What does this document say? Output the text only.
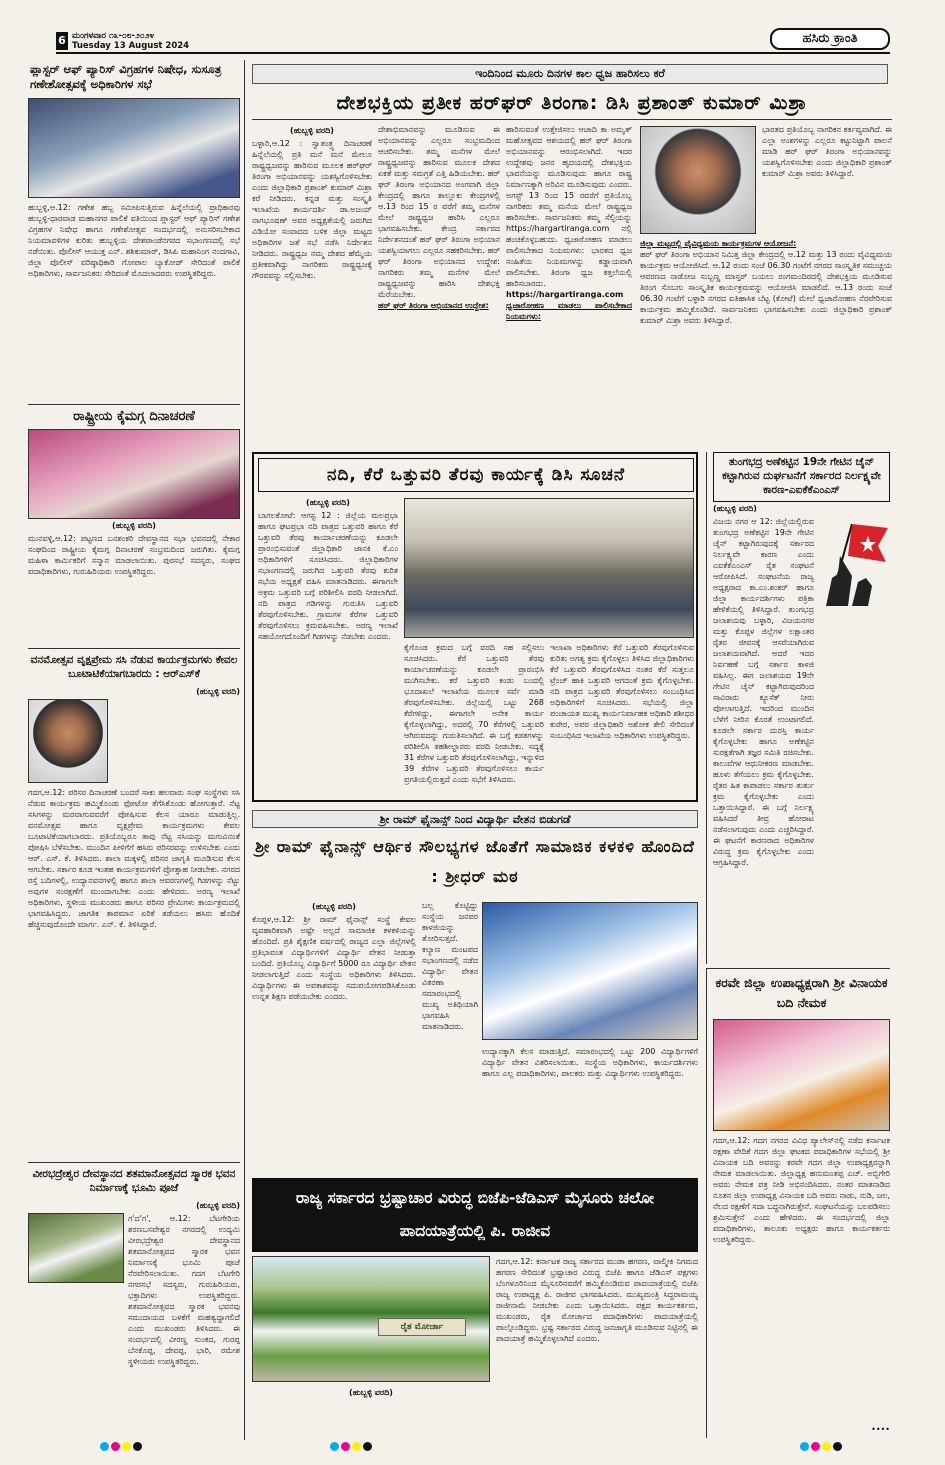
6 ಮಂಗಳವಾರ ೧೩-೦೮-೨೦೨೪
Tuesday 13 August 2024	ಹಸಿರು ಕ್ರಾಂತಿ
ಪ್ಲಾಸ್ಟರ್ ಆಫ್ ಪ್ಯಾರಿಸ್ ವಿಗ್ರಹಗಳ ನಿಷೇಧ, ಸುಸೂತ್ರ ಗಣೇಶೋತ್ಸವಕ್ಕೆ ಅಧಿಕಾರಿಗಳ ಸಭೆ
ಹುಬ್ಬಳ್ಳಿ,ಆ.12: ಗಣೇಶ ಹಬ್ಬ ಸಮೀಪಿಸುತ್ತಿರುವ ಹಿನ್ನೆಲೆಯಲ್ಲಿ ಪ್ರಾಧಿಕಾರವು ಹುಬ್ಬಳ್ಳಿ-ಧಾರವಾಡ ಮಹಾನಗರ ಪಾಲಿಕೆ ವತಿಯಿಂದ ಪ್ಲಾಸ್ಟರ್ ಆಫ್ ಪ್ಯಾರಿಸ್ ಗಣೇಶ ವಿಗ್ರಹಗಳ ನಿಷೇಧ ಹಾಗೂ ಗಣೇಶೋತ್ಸವ ಸಂದರ್ಭದಲ್ಲಿ ಅನುಸರಿಸಬೇಕಾದ ನಿಯಮಾವಳಿಗಳ ಕುರಿತು ಹುಬ್ಬಳ್ಳಿಯ ದೇಶಪಾಂಡೆನಗರದ ಸಭಾಂಗಣದಲ್ಲಿ ಸಭೆ ನಡೆಯಿತು. ಪೊಲೀಸ್ ಆಯುಕ್ತ ಎನ್. ಶಶಿಕುಮಾರ್, ಡಿಸಿಪಿ ಮಹಾನಿಂಗ ನಂದಗಾವಿ, ಜಿಲ್ಲಾ ಪೊಲೀಸ್ ವರಿಷ್ಠಾಧಿಕಾರಿ ಗೋಪಾಲ ಬ್ಯಾಕೋಡ್ ಸೇರಿದಂತೆ ಪಾಲಿಕೆ ಅಧಿಕಾರಿಗಳು, ಸಾರ್ವಜನಿಕರು ಸೇರಿದಂತೆ ಮೊದಲಾದವರು ಉಪಸ್ಥಿತರಿದ್ದರು.
ರಾಷ್ಟ್ರೀಯ ಕೈಮಗ್ಗ ದಿನಾಚರಣೆ
(ಹುಬ್ಬಳ್ಳಿ ವರದಿ)
ಮುನವಳ್ಳಿ,ಆ.12: ಪಟ್ಟಣದ ಬನಶಂಕರಿ ದೇವಸ್ಥಾನದ ಸಭಾ ಭವನದಲ್ಲಿ ನೇಕಾರ ಸಂಘದಿಂದ ರಾಷ್ಟ್ರೀಯ ಕೈಮಗ್ಗ ದಿನಾಚರಣೆ ಸಂಭ್ರಮದಿಂದ ಜರುಗಿತು. ಕೈಮಗ್ಗ ಮಹಿಳಾ ಕಾರ್ಮಿಕರಿಗೆ ಸನ್ಮಾನ ಮಾಡಲಾಯಿತು. ಪುರಸಭೆ ಸದಸ್ಯರು, ಸಂಘದ ಪದಾಧಿಕಾರಿಗಳು, ಗುರುಹಿರಿಯರು ಉಪಸ್ಥಿತರಿದ್ದರು.
ವನಮೋತ್ಸವ ವೃಕ್ಷಪ್ರೇಮ ಸಸಿ ನೆಡುವ ಕಾರ್ಯಕ್ರಮಗಳು ಕೇವಲ ಬೂಟಾಟಿಕೆಯಾಗಬಾರದು : ಆರ್‌ಎಸ್‌ಕೆ
(ಹುಬ್ಬಳ್ಳಿ ವರದಿ)
ಗದಗ,ಆ.12: ಪರಿಸರ ದಿನಾಚರಣೆ ಬಂದರೆ ಸಾಕು ಹಲವಾರು ಸಂಘ ಸಂಸ್ಥೆಗಳು ಸಸಿ ನೆಡುವ ಕಾರ್ಯಕ್ರಮ ಹಮ್ಮಿಕೊಂಡು ಫೋಟೋ ತೆಗೆಸಿಕೊಂಡು ಹೋಗುತ್ತಾರೆ. ನೆಟ್ಟ ಸಸಿಗಳನ್ನು ಮರವಾಗುವವರೆಗೆ ಪೋಷಿಸುವ ಕೆಲಸ ಯಾರೂ ಮಾಡುತ್ತಿಲ್ಲ. ವನಮೋತ್ಸವ ಹಾಗೂ ವೃಕ್ಷಪ್ರೇಮ ಕಾರ್ಯಕ್ರಮಗಳು ಕೇವಲ ಬೂಟಾಟಿಕೆಯಾಗಬಾರದು. ಪ್ರತಿಯೊಬ್ಬರೂ ತಾವು ನೆಟ್ಟ ಸಸಿಯನ್ನು ಮಗುವಿನಂತೆ ಪೋಷಿಸಿ ಬೆಳೆಸಬೇಕು. ಮುಂದಿನ ಪೀಳಿಗೆಗೆ ಹಸಿರು ಪರಿಸರವನ್ನು ಉಳಿಸಬೇಕು ಎಂದು ಆರ್. ಎಸ್. ಕೆ. ತಿಳಿಸಿದರು. ಶಾಲಾ ಮಕ್ಕಳಲ್ಲಿ ಪರಿಸರ ಜಾಗೃತಿ ಮೂಡಿಸುವ ಕೆಲಸ ಆಗಬೇಕು. ಸರ್ಕಾರ ಕೂಡ ಇಂತಹ ಕಾರ್ಯಕ್ರಮಗಳಿಗೆ ಪ್ರೋತ್ಸಾಹ ನೀಡಬೇಕು. ನಗರದ ರಸ್ತೆ ಬದಿಗಳಲ್ಲಿ, ಉದ್ಯಾನವನಗಳಲ್ಲಿ ಹಾಗೂ ಶಾಲಾ ಆವರಣಗಳಲ್ಲಿ ಗಿಡಗಳನ್ನು ನೆಟ್ಟು ಅವುಗಳ ಸಂರಕ್ಷಣೆಗೆ ಮುಂದಾಗಬೇಕು ಎಂದು ಹೇಳಿದರು. ಅರಣ್ಯ ಇಲಾಖೆ ಅಧಿಕಾರಿಗಳು, ಸ್ಥಳೀಯ ಮುಖಂಡರು ಹಾಗೂ ಪರಿಸರ ಪ್ರೇಮಿಗಳು ಕಾರ್ಯಕ್ರಮದಲ್ಲಿ ಭಾಗವಹಿಸಿದ್ದರು. ಜಾಗತಿಕ ತಾಪಮಾನ ಏರಿಕೆ ತಡೆಯಲು ಹಸಿರು ಹೊದಿಕೆ ಹೆಚ್ಚಿಸುವುದೊಂದೇ ಮಾರ್ಗ. ಎನ್. ಕೆ. ತಿಳಿಸಿದ್ದಾರೆ.
ವೀರಭದ್ರೇಶ್ವರ ದೇವಸ್ಥಾನದ ಶತಮಾನೋತ್ಸವದ ಸ್ಮಾರಕ ಭವನ ನಿರ್ಮಾಣಕ್ಕೆ ಭೂಮಿ ಪೂಜೆ
(ಹುಬ್ಬಳ್ಳಿ ವರದಿ)
ಗ'ದ'ಗ', ಆ.12: ಬೆಟಗೇರಿಯ ಶರಣಬಸವೇಶ್ವರ ನಗರದಲ್ಲಿ ಉದ್ಯಮಿ ವೀರಭದ್ರೇಶ್ವರ ದೇವಸ್ಥಾನದ ಶತಮಾನೋತ್ಸವದ ಸ್ಮಾರಕ ಭವನ ನಿರ್ಮಾಣಕ್ಕೆ ಭೂಮಿ ಪೂಜೆ ನೆರವೇರಿಸಲಾಯಿತು. ಗದಗ ಬೆಟಗೇರಿ ನಗರಸಭೆ ಸದಸ್ಯರು, ಗುರುಹಿರಿಯರು, ಭಕ್ತಾದಿಗಳು ಉಪಸ್ಥಿತರಿದ್ದರು. ಶತಮಾನೋತ್ಸವದ ಸ್ಮಾರಕ ಭವನವು ಸಮುದಾಯದ ಬಳಕೆಗೆ ಮಹತ್ವದ್ದಾಗಲಿದೆ ಎಂದು ಮುಖಂಡರು ತಿಳಿಸಿದರು. ಈ ಸಂದರ್ಭದಲ್ಲಿ ವೀರಣ್ಣ ಸುಂಕದ, ಗುರಪ್ಪ ಬೆನಕೊಪ್ಪ, ದೇವಪ್ಪ, ಭಾರಿ, ರಮೇಶ ಸ್ಥಳೀಯರು ಉಪಸ್ಥಿತರಿದ್ದರು.
ಇಂದಿನಿಂದ ಮೂರು ದಿನಗಳ ಕಾಲ ಧ್ವಜ ಹಾರಿಸಲು ಕರೆ
ದೇಶಭಕ್ತಿಯ ಪ್ರತೀಕ ಹರ್‌ಘರ್ ತಿರಂಗಾ: ಡಿಸಿ ಪ್ರಶಾಂತ್ ಕುಮಾರ್ ಮಿಶ್ರಾ
(ಹುಬ್ಬಳ್ಳಿ ವರದಿ)
ಬಳ್ಳಾರಿ,ಆ.12 : ಸ್ವಾತಂತ್ರ್ಯ ದಿನಾಚರಣೆ ಹಿನ್ನೆಲೆಯಲ್ಲಿ ಪ್ರತಿ ಮನೆ ಮನೆ ಮೇಲೂ ರಾಷ್ಟ್ರಧ್ವಜವನ್ನು ಹಾರಿಸುವ ಮೂಲಕ ಹರ್‌ಘರ್ ತಿರಂಗಾ ಅಭಿಯಾನವನ್ನು ಯಶಸ್ವಿಗೊಳಿಸಬೇಕು ಎಂದು ಜಿಲ್ಲಾಧಿಕಾರಿ ಪ್ರಶಾಂತ್ ಕುಮಾರ್ ಮಿಶ್ರಾ ಕರೆ ನೀಡಿದರು. ಕನ್ನಡ ಮತ್ತು ಸಂಸ್ಕೃತಿ ಇಲಾಖೆಯ ಕಾರ್ಯದರ್ಶಿ ಡಾ.ಅಜಯ್ ನಾಗಭೂಷಣ್ ಅವರ ಅಧ್ಯಕ್ಷತೆಯಲ್ಲಿ ಜರುಗಿದ ವಿಡಿಯೋ ಸಂವಾದದ ಬಳಿಕ ಜಿಲ್ಲಾ ಮಟ್ಟದ ಅಧಿಕಾರಿಗಳ ಜತೆ ಸಭೆ ನಡೆಸಿ ನಿರ್ದೇಶನ ನೀಡಿದರು. ರಾಷ್ಟ್ರಧ್ವಜ ನಮ್ಮ ದೇಶದ ಹೆಮ್ಮೆಯ ಪ್ರತೀಕವಾಗಿದ್ದು ನಾಗರಿಕರು ರಾಷ್ಟ್ರಧ್ವಜಕ್ಕೆ ಗೌರವವನ್ನು ಸಲ್ಲಿಸಬೇಕು.
ದೇಶಾಭಿಮಾನವನ್ನು ಮೂಡಿಸುವ ಈ ಅಭಿಯಾನವನ್ನು ಎಲ್ಲರೂ ಸಂಭ್ರಮದಿಂದ ಆಚರಿಸಬೇಕು. ತಮ್ಮ ಮನೆಗಳ ಮೇಲೆ ರಾಷ್ಟ್ರಧ್ವಜವನ್ನು ಹಾರಿಸುವ ಮೂಲಕ ದೇಶದ ಏಕತೆ ಮತ್ತು ಸಮಗ್ರತೆ ಎತ್ತಿ ಹಿಡಿಯಬೇಕು. ಹರ್ ಘರ್ ತಿರಂಗಾ ಅಭಿಯಾನದ ಅಂಗವಾಗಿ ಜಿಲ್ಲಾ ಕೇಂದ್ರದಲ್ಲಿ ಹಾಗೂ ತಾಲ್ಲೂಕು ಕೇಂದ್ರಗಳಲ್ಲಿ ಆ.13 ರಿಂದ 15 ರ ವರೆಗೆ ತಮ್ಮ ಮನೆಗಳ ಮೇಲೆ ರಾಷ್ಟ್ರಧ್ವಜ ಹಾರಿಸಿ ಎಲ್ಲರೂ ಭಾಗವಹಿಸಬೇಕು. ಕೇಂದ್ರ ಸರ್ಕಾರದ ನಿರ್ದೇಶನದಂತೆ ಹರ್ ಘರ್ ತಿರಂಗಾ ಅಭಿಯಾನ ಯಶಸ್ವಿಯಾಗಲು ಎಲ್ಲರೂ ಸಹಕರಿಸಬೇಕು. ಹರ್ ಘರ್ ತಿರಂಗಾ ಅಭಿಯಾನದ ಉದ್ದೇಶ: ನಾಗರಿಕರು ತಮ್ಮ ಮನೆಗಳ ಮೇಲೆ ರಾಷ್ಟ್ರಧ್ವಜವನ್ನು ಹಾರಿಸಿ ದೇಶಭಕ್ತಿ ಮೆರೆಯಬೇಕು.
ಹರ್ ಘರ್ ತಿರಂಗಾ ಅಭಿಯಾನದ ಉದ್ದೇಶ:
ಹಾರಿಸುವಂತೆ ಉತ್ತೇಜಿಸಲು ಆಜಾದಿ ಕಾ ಅಮೃತ್ ಮಹೋತ್ಸವದ ಆಶಯದಲ್ಲಿ ಹರ್ ಘರ್ ತಿರಂಗಾ ಅಭಿಯಾನವನ್ನು ಆರಂಭಿಸಲಾಗಿದೆ. ಇದರ ಉದ್ದೇಶವು ಜನರ ಹೃದಯದಲ್ಲಿ ದೇಶಭಕ್ತಿಯ ಭಾವನೆಯನ್ನು ಮೂಡಿಸುವುದು ಹಾಗೂ ರಾಷ್ಟ್ರ ನಿರ್ಮಾಣಕ್ಕಾಗಿ ಅರಿವಿನ ಮೂಡಿಸುವುದು ಎಂದರು. ಅಗಸ್ಟ್ 13 ರಿಂದ 15 ರವರೆಗೆ ಪ್ರತಿಯೊಬ್ಬ ನಾಗರಿಕರು ತಮ್ಮ ಮನೆಯ ಮೇಲೆ ರಾಷ್ಟ್ರಧ್ವಜ ಹಾರಿಸಬೇಕು. ಸಾರ್ವಜನಿಕರು ತಮ್ಮ ಸೆಲ್ಫಿಯನ್ನು https://hargartiranga.com ನಲ್ಲಿ ಹಂಚಿಕೊಳ್ಳಬಹುದು. ಧ್ವಜಾರೋಹಣ ಮಾಡಲು ಪಾಲಿಸಬೇಕಾದ ನಿಯಮಗಳು: ಭಾರತದ ಧ್ವಜ ಸಂಹಿತೆಯ ನಿಯಮಗಳನ್ನು ಕಡ್ಡಾಯವಾಗಿ ಪಾಲಿಸಬೇಕು. ತಿರಂಗಾ ಧ್ವಜ ಕತ್ತಲೆಯಲ್ಲಿ ಹಾರಿಸಬಾರದು.
https://hargartiranga.com
ಧ್ವಜಾರೋಹಣ ಮಾಡಲು ಪಾಲಿಸಬೇಕಾದ ನಿಯಮಗಳು:
ಭಾರತದ ಪ್ರತಿಯೊಬ್ಬ ನಾಗರಿಕನ ಕರ್ತವ್ಯವಾಗಿದೆ. ಈ ಎಲ್ಲಾ ಅಂಶಗಳನ್ನು ಎಲ್ಲರೂ ಕಟ್ಟುನಿಟ್ಟಾಗಿ ಪಾಲನೆ ಮಾಡಿ ಹರ್ ಘರ್ ತಿರಂಗಾ ಅಭಿಯಾನವನ್ನು ಯಶಸ್ವಿಗೊಳಿಸಬೇಕು ಎಂದು ಜಿಲ್ಲಾಧಿಕಾರಿ ಪ್ರಶಾಂತ್ ಕುಮಾರ್ ಮಿಶ್ರಾ ಅವರು ತಿಳಿಸಿದ್ದಾರೆ.
ಜಿಲ್ಲಾ ಮಟ್ಟದಲ್ಲಿ ವೈವಿಧ್ಯಮಯ ಕಾರ್ಯಕ್ರಮಗಳ ಆಯೋಜನೆ:
ಹರ್ ಘರ್ ತಿರಂಗಾ ಅಭಿಯಾನ ನಿಮಿತ್ತ ಜಿಲ್ಲಾ ಕೇಂದ್ರದಲ್ಲಿ ಆ.12 ಮತ್ತು 13 ರಂದು ವೈವಿಧ್ಯಮಯ ಕಾರ್ಯಕ್ರಮ ಆಯೋಜಿಸಿದೆ. ಆ.12 ರಂದು ಸಂಜೆ 06.30 ಗಂಟೆಗೆ ನಗರದ ಸಾಂಸ್ಕೃತಿಕ ಸಮುಚ್ಚಯ ಆವರಣದ ನಾಡೋಜ ಸುಬ್ಬಣ್ಣ ಮಾಸ್ತರ್ ಬಯಲು ರಂಗಮಂದಿರದಲ್ಲಿ ದೇಶಭಕ್ತಿಯ ಮೂಡಿಸುವ ತಿರಂಗ ಸೊಬಗು ಸಾಂಸ್ಕೃತಿಕ ಕಾರ್ಯಕ್ರಮವನ್ನು ಆಯೋಜಿಸಿ ಮಾಡಲಿದೆ. ಆ.13 ರಂದು ಸಂಜೆ 06.30 ಗಂಟೆಗೆ ಬಳ್ಳಾರಿ ನಗರದ ಐತಿಹಾಸಿಕ ಬೆಟ್ಟ (ಕೋಟೆ) ಮೇಲೆ ಧ್ವಜಾರೋಹಣ ನೆರವೇರಿಸುವ ಕಾರ್ಯಕ್ರಮ ಹಮ್ಮಿಕೊಂಡಿದೆ. ಸಾರ್ವಜನಿಕರು ಭಾಗವಹಿಸಬೇಕು ಎಂದು ಜಿಲ್ಲಾಧಿಕಾರಿ ಪ್ರಶಾಂತ್ ಕುಮಾರ್ ಮಿಶ್ರಾ ಅವರು ತಿಳಿಸಿದ್ದಾರೆ.
ನದಿ, ಕೆರೆ ಒತ್ತುವರಿ ತೆರವು ಕಾರ್ಯಕ್ಕೆ ಡಿಸಿ ಸೂಚನೆ
(ಹುಬ್ಬಳ್ಳಿ ವರದಿ)
ಬಾಗಲಕೋಟೆ: ಆಗಸ್ಟ 12 : ಜಿಲ್ಲೆಯ ಮಲಪ್ರಭಾ ಹಾಗೂ ಘಟಪ್ರಭಾ ನದಿ ಪಾತ್ರದ ಒತ್ತುವರಿ ಹಾಗೂ ಕೆರೆ ಒತ್ತುವರಿ ತೆರವು ಕಾರ್ಯಾಚರಣೆಯನ್ನು ಕೂಡಲೇ ಪ್ರಾರಂಭಿಸುವಂತೆ ಜಿಲ್ಲಾಧಿಕಾರಿ ಜಾನಕಿ ಕೆ.ಎಂ ಅಧಿಕಾರಿಗಳಿಗೆ ಸೂಚಿಸಿದರು. ಜಿಲ್ಲಾಧಿಕಾರಿಗಳ ಸಭಾಂಗಣದಲ್ಲಿ ಜರುಗಿದ ಒತ್ತುವರಿ ತೆರವು ಕುರಿತ ಸಭೆಯ ಅಧ್ಯಕ್ಷತೆ ವಹಿಸಿ ಮಾತನಾಡಿದರು. ಈಗಾಗಲೇ ಅಕ್ರಮ ಒತ್ತುವರಿ ಬಗ್ಗೆ ಪರಿಶೀಲಿಸಿ ವರದಿ ನೀಡಲಾಗಿದೆ. ನದಿ ಪಾತ್ರದ ಗಡಿಗಳನ್ನು ಗುರುತಿಸಿ ಒತ್ತುವರಿ ತೆರವುಗೊಳಿಸಬೇಕು. ಗ್ರಾಮಗಳ ಕೆರೆಗಳ ಒತ್ತುವರಿ ತೆರವುಗೊಳಿಸಲು ಕ್ರಮವಹಿಸಬೇಕು. ಅರಣ್ಯ ಇಲಾಖೆ ಸಹಯೋಗದೊಂದಿಗೆ ಗಿಡಗಳನ್ನು ನೆಡಬೇಕು ಎಂದರು.
ಕೈಗೊಂಡ ಕ್ರಮದ ಬಗ್ಗೆ ವರದಿ ಸಹ ಸಲ್ಲಿಸಲು ಸೂಚಿಸಿದರು. ಕೆರೆ ಒತ್ತುವರಿ ತೆರವು ಕಾರ್ಯಾಚರಣೆಯನ್ನು ಕೂಡಲೇ ಪ್ರಾರಂಭಿಸಿ ಮುಗಿಸಬೇಕು. ಕರೆ ಒತ್ತುವರಿ ಕಂಡು ಬಂದಲ್ಲಿ ಭೂದಾಖಲೆ ಇಲಾಖೆಯ ಮೂಲಕ ಸರ್ವೆ ಮಾಡಿ ತೆರವುಗೊಳಿಸಬೇಕು. ಜಿಲ್ಲೆಯಲ್ಲಿ ಒಟ್ಟು 268 ಕೆರೆಗಳಿದ್ದು, ಈಗಾಗಲೇ ಅನೇಕ ಕಾರ್ಯ ಕೈಗೊಳ್ಳಲಾಗಿದ್ದು, ಅದರಲ್ಲಿ 70 ಕೆರೆಗಳಲ್ಲಿ ಒತ್ತುವರಿ ಆಗಿರುವದನ್ನು ಗುರುತಿಸಲಾಗಿದೆ. ಈ ಬಗ್ಗೆ ಕಡತಗಳನ್ನು ಪರಿಶೀಲಿಸಿ ತಹಶೀಲ್ದಾರರು ವರದಿ ನೀಡಬೇಕು. ಸದ್ಯಕ್ಕೆ 31 ಕೆರೆಗಳ ಒತ್ತುವರಿ ತೆರವುಗೊಳಿಸಲಾಗಿದ್ದು, ಇನ್ನುಳಿದ 39 ಕೆರೆಗಳ ಒತ್ತುವರಿ ತೆರವುಗೊಳಿಸಲು ಕಾರ್ಯ ಪ್ರಗತಿಯಲ್ಲಿರುತ್ತದೆ ಎಂದು ಸಭೆಗೆ ತಿಳಿಸಿದರು.
ಇಲಾಖಾ ಅಧಿಕಾರಿಗಳು ಕೆರೆ ಒತ್ತುವರಿ ತೆರವುಗೊಳಿಸುವ ಕುರಿತು ಅಗತ್ಯ ಕ್ರಮ ಕೈಗೊಳ್ಳಲು ತಿಳಿಸಿದ ಜಿಲ್ಲಾಧಿಕಾರಿಗಳು ಕೆರೆ ಒತ್ತುವರಿ ತೆರವುಗೊಳಿಸಿದ ನಂತರ ಕೆರೆ ಸುತ್ತಲೂ ಟ್ರೆಂಚ್ ಹಾಕಿ ಒತ್ತುವರಿ ಆಗದಂತೆ ಕ್ರಮ ಕೈಗೊಳ್ಳಬೇಕು. ನದಿ ಪಾತ್ರದ ಒತ್ತುವರಿ ತೆರವುಗೊಳಿಸಲು ಸಂಬಂಧಿಸಿದ ಅಧಿಕಾರಿಗಳಿಗೆ ಸೂಚಿಸಿದರು. ಸಭೆಯಲ್ಲಿ ಜಿಲ್ಲಾ ಪಂಚಾಯತ ಮುಖ್ಯ ಕಾರ್ಯನಿರ್ವಾಹಕ ಅಧಿಕಾರಿ ಶಶೀಧರ ಕುರೇರ, ಅಪರ ಜಿಲ್ಲಾಧಿಕಾರಿ ಅಶೋಕ ತೇಲಿ ಸೇರಿದಂತೆ ಸಂಬಂಧಿಸಿದ ಇಲಾಖೆಯ ಅಧಿಕಾರಿಗಳು ಉಪಸ್ಥಿತರಿದ್ದರು.
ತುಂಗಭದ್ರ ಅಣೆಕಟ್ಟಿನ 19ನೇ ಗೇಟಿನ ಚೈನ್ ಕಟ್ಟಾಗಿರುವ ದುರ್ಘಟನೆಗೆ ಸರ್ಕಾರದ ನಿರ್ಲಕ್ಷ್ಯವೇ ಕಾರಣ-ಎಐಕೆಕೆಎಂಎಸ್
(ಹುಬ್ಬಳ್ಳಿ ವರದಿ)
ವಿಜಯ ನಗರ ಆ 12: ಜಿಲ್ಲೆಯಲ್ಲಿರುವ ತುಂಗಭದ್ರ ಅಣೆಕಟ್ಟಿನ 19ನೇ ಗೇಟಿನ ಚೈನ್ ಕಟ್ಟಾಗಿರುವುದಕ್ಕೆ ಸರ್ಕಾರದ ನಿರ್ಲಕ್ಷ್ಯವೇ ಕಾರಣ ಎಂದು ಎಐಕೆಕೆಎಂಎಸ್ ರೈತ ಸಂಘಟನೆ ಆರೋಪಿಸಿದೆ. ಸಂಘಟನೆಯ ರಾಜ್ಯ ಅಧ್ಯಕ್ಷರಾದ ಕಾ.ಎಂ.ಶಂಕರ್ ಹಾಗೂ ಜಿಲ್ಲಾ ಕಾರ್ಯದರ್ಶಿಗಳು ಪತ್ರಿಕಾ ಹೇಳಿಕೆಯಲ್ಲಿ ತಿಳಿಸಿದ್ದಾರೆ. ತುಂಗಭದ್ರ ಜಲಾಶಯವು ಬಳ್ಳಾರಿ, ವಿಜಯನಗರ ಮತ್ತು ಕೊಪ್ಪಳ ಜಿಲ್ಲೆಗಳ ಲಕ್ಷಾಂತರ ರೈತರ ಜೀವನಕ್ಕೆ ಆಸರೆಯಾಗಿರುವ ಜಲಾಶಯವಾಗಿದೆ. ಆದರೆ ಇದರ ನಿರ್ವಹಣೆ ಬಗ್ಗೆ ಸರ್ಕಾರ ಕಾಳಜಿ ವಹಿಸಿಲ್ಲ. ಈಗ ಜಲಾಶಯದ 19ನೇ ಗೇಟಿನ ಚೈನ್ ಕಟ್ಟಾಗಿರುವುದರಿಂದ ಸಾವಿರಾರು ಕ್ಯೂಸೆಕ್ ನೀರು ಪೋಲಾಗುತ್ತಿದೆ. ಇದರಿಂದ ಮುಂದಿನ ಬೆಳೆಗೆ ನೀರಿನ ಕೊರತೆ ಉಂಟಾಗಲಿದೆ. ಕೂಡಲೇ ಸರ್ಕಾರ ದುರಸ್ತಿ ಕಾರ್ಯ ಕೈಗೊಳ್ಳಬೇಕು ಹಾಗೂ ಅಣೆಕಟ್ಟಿನ ಸುರಕ್ಷತೆಗಾಗಿ ತಜ್ಞರ ಸಮಿತಿ ರಚಿಸಬೇಕು. ಕಾಲುವೆಗಳ ಆಧುನೀಕರಣ ಮಾಡಬೇಕು. ಹೂಳು ತೆಗೆಯಲು ಕ್ರಮ ಕೈಗೊಳ್ಳಬೇಕು. ರೈತರ ಹಿತ ಕಾಪಾಡಲು ಸರ್ಕಾರ ತುರ್ತು ಕ್ರಮ ಕೈಗೊಳ್ಳಬೇಕು ಎಂದು ಒತ್ತಾಯಿಸಿದ್ದಾರೆ. ಈ ಬಗ್ಗೆ ನಿರ್ಲಕ್ಷ್ಯ ವಹಿಸಿದರೆ ತೀವ್ರ ಹೋರಾಟ ನಡೆಸಲಾಗುವುದು ಎಂದು ಎಚ್ಚರಿಸಿದ್ದಾರೆ. ಈ ಘಟನೆಗೆ ಕಾರಣರಾದ ಅಧಿಕಾರಿಗಳ ವಿರುದ್ಧ ಕ್ರಮ ಕೈಗೊಳ್ಳಬೇಕು ಎಂದು ಆಗ್ರಹಿಸಿದ್ದಾರೆ.
ಶ್ರೀ ರಾಮ್ ಫೈನಾನ್ಸ್ ನಿಂದ ವಿದ್ಯಾರ್ಥಿ ವೇತನ ಬಿಡುಗಡೆ
ಶ್ರೀ ರಾಮ್ ಫೈನಾನ್ಸ್ ಆರ್ಥಿಕ ಸೌಲಭ್ಯಗಳ ಜೊತೆಗೆ ಸಾಮಾಜಿಕ ಕಳಕಳಿ ಹೊಂದಿದೆ : ಶ್ರೀಧರ್ ಮಠ
(ಹುಬ್ಬಳ್ಳಿ ವರದಿ)
ಕೊಪ್ಪಳ,ಆ.12: ಶ್ರೀ ರಾಮ್ ಫೈನಾನ್ಸ್ ಸಂಸ್ಥೆ ಕೇವಲ ವ್ಯವಹಾರಿಕವಾಗಿ ಅಷ್ಟೇ ಅಲ್ಲದೆ ಸಾಮಾಜಿಕ ಕಳಕಳಿಯನ್ನು ಹೊಂದಿದೆ. ಪ್ರತಿ ಶೈಕ್ಷಣಿಕ ವರ್ಷದಲ್ಲಿ ರಾಜ್ಯದ ಎಲ್ಲಾ ಜಿಲ್ಲೆಗಳಲ್ಲಿ ಪ್ರತಿಭಾವಂತ ವಿದ್ಯಾರ್ಥಿಗಳಿಗೆ ವಿದ್ಯಾರ್ಥಿ ವೇತನ ನೀಡುತ್ತಾ ಬಂದಿದೆ. ಪ್ರತಿಯೊಬ್ಬ ವಿದ್ಯಾರ್ಥಿಗೆ 5000 ರೂ ವಿದ್ಯಾರ್ಥಿ ವೇತನ ನೀಡಲಾಗುತ್ತಿದೆ ಎಂದು ಸಂಸ್ಥೆಯ ಅಧಿಕಾರಿಗಳು ತಿಳಿಸಿದರು. ವಿದ್ಯಾರ್ಥಿಗಳು ಈ ಅವಕಾಶವನ್ನು ಸದುಪಯೋಗಪಡಿಸಿಕೊಂಡು ಉನ್ನತ ಶಿಕ್ಷಣ ಪಡೆಯಬೇಕು ಎಂದರು.
ಬಲ್ಲ ಕೊಟ್ಟಿದ್ದು ಸಂಸ್ಥೆಯ ಜನಪರ ಕಾಳಜಿಯನ್ನು ತೋರಿಸುತ್ತದೆ. ಕಲ್ಯಾಣ ಮಂಟಪದ ಸಭಾಂಗಣದಲ್ಲಿ ನಡೆದ ವಿದ್ಯಾರ್ಥಿ ವೇತನ ವಿತರಣಾ ಸಮಾರಂಭದಲ್ಲಿ ಮುಖ್ಯ ಅತಿಥಿಯಾಗಿ ಭಾಗವಹಿಸಿ ಮಾತನಾಡಿದರು.
ಉದ್ಯಾನಕ್ಕಾಗಿ ಕೆಲಸ ಮಾಡುತ್ತಿದೆ. ಸಮಾರಂಭದಲ್ಲಿ ಒಟ್ಟು 200 ವಿದ್ಯಾರ್ಥಿಗಳಿಗೆ ವಿದ್ಯಾರ್ಥಿ ವೇತನ ವಿತರಿಸಲಾಯಿತು. ಸಂಸ್ಥೆಯ ಅಧಿಕಾರಿಗಳು, ಕಾರ್ಯದರ್ಶಿಗಳು ಹಾಗೂ ಎಲ್ಲ ಪದಾಧಿಕಾರಿಗಳು, ಪಾಲಕರು ಮತ್ತು ವಿದ್ಯಾರ್ಥಿಗಳು ಉಪಸ್ಥಿತರಿದ್ದರು.
ಕರವೇ ಜಿಲ್ಲಾ ಉಪಾಧ್ಯಕ್ಷರಾಗಿ ಶ್ರೀ ವಿನಾಯಕ ಬದಿ ನೇಮಕ
ಗದಗ,ಆ.12: ಗದಗ ನಗರದ ವಿವಿಧ ಪ್ಯಾಲೇಸ್‌ನಲ್ಲಿ ನಡೆದ ಕರ್ನಾಟಕ ರಕ್ಷಣಾ ವೇದಿಕೆ ಗದಗ ಜಿಲ್ಲಾ ಘಟಕದ ಪದಾಧಿಕಾರಿಗಳ ಸಭೆಯಲ್ಲಿ ಶ್ರೀ ವಿನಾಯಕ ಬದಿ ಅವರನ್ನು ಕರವೇ ಗದಗ ಜಿಲ್ಲಾ ಉಪಾಧ್ಯಕ್ಷರನ್ನಾಗಿ ನೇಮಕ ಮಾಡಲಾಯಿತು. ಜಿಲ್ಲಾಧ್ಯಕ್ಷ ಹನುಮಂತಪ್ಪ ಎಚ್. ಅಬ್ಬಿಗೇರಿ ಅವರು ನೇಮಕ ಪತ್ರ ನೀಡಿ ಅಭಿನಂದಿಸಿದರು. ನಂತರ ಮಾತನಾಡಿದ ನೂತನ ಜಿಲ್ಲಾ ಉಪಾಧ್ಯಕ್ಷ ವಿನಾಯಕ ಬದಿ ಅವರು ನಾಡು, ನುಡಿ, ಜಲ, ನೆಲದ ರಕ್ಷಣೆಗೆ ಸದಾ ಬದ್ಧನಾಗಿರುತ್ತೇನೆ. ಸಂಘಟನೆಯನ್ನು ಬಲಪಡಿಸಲು ಶ್ರಮಿಸುತ್ತೇನೆ ಎಂದು ಹೇಳಿದರು. ಈ ಸಂದರ್ಭದಲ್ಲಿ ಜಿಲ್ಲಾ ಪದಾಧಿಕಾರಿಗಳು, ತಾಲೂಕು ಅಧ್ಯಕ್ಷರು ಹಾಗೂ ಕಾರ್ಯಕರ್ತರು ಉಪಸ್ಥಿತರಿದ್ದರು.
••••
ರಾಜ್ಯ ಸರ್ಕಾರದ ಭ್ರಷ್ಟಾಚಾರ ವಿರುದ್ಧ ಬಿಜೆಪಿ-ಜೆಡಿಎಸ್ ಮೈಸೂರು ಚಲೋ ಪಾದಯಾತ್ರೆಯಲ್ಲಿ ಪಿ. ರಾಜೀವ
ರೈತ ಮೋರ್ಚಾ
(ಹುಬ್ಬಳ್ಳಿ ವರದಿ)
ಗದಗ,ಆ.12: ಕರ್ನಾಟಕ ರಾಜ್ಯ ಸರ್ಕಾರದ ಮುಡಾ ಹಗರಣ, ವಾಲ್ಮೀಕಿ ನಿಗಮದ ಹಗರಣ ಸೇರಿದಂತೆ ಭ್ರಷ್ಟಾಚಾರ ವಿರುದ್ಧ ಬಿಜೆಪಿ ಹಾಗೂ ಜೆಡಿಎಸ್ ಪಕ್ಷಗಳು ಬೆಂಗಳೂರಿನಿಂದ ಮೈಸೂರಿನವರೆಗೆ ಹಮ್ಮಿಕೊಂಡಿರುವ ಪಾದಯಾತ್ರೆಯಲ್ಲಿ ಬಿಜೆಪಿ ರಾಜ್ಯ ಉಪಾಧ್ಯಕ್ಷ ಪಿ. ರಾಜೀವ ಭಾಗವಹಿಸಿದರು. ಮುಖ್ಯಮಂತ್ರಿ ಸಿದ್ದರಾಮಯ್ಯ ರಾಜೀನಾಮೆ ನೀಡಬೇಕು ಎಂದು ಒತ್ತಾಯಿಸಿದರು. ಪಕ್ಷದ ಕಾರ್ಯಕರ್ತರು, ಮುಖಂಡರು, ರೈತ ಮೋರ್ಚಾದ ಪದಾಧಿಕಾರಿಗಳು ಪಾದಯಾತ್ರೆಯಲ್ಲಿ ಪಾಲ್ಗೊಂಡಿದ್ದರು. ಭ್ರಷ್ಟ ಸರ್ಕಾರದ ವಿರುದ್ಧ ಜನಜಾಗೃತಿ ಮೂಡಿಸುವ ನಿಟ್ಟಿನಲ್ಲಿ ಈ ಪಾದಯಾತ್ರೆ ಹಮ್ಮಿಕೊಳ್ಳಲಾಗಿದೆ ಎಂದರು.
